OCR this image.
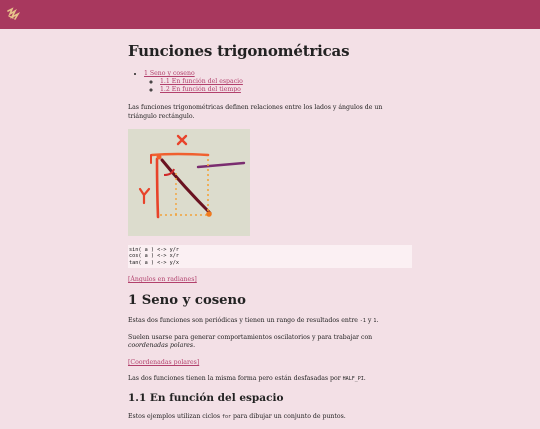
Funciones trigonométricas
• 1 Seno y coseno
◦ 1.1 En función del espacio
◦ 1.2 En función del tiempo

Las funciones trigonométricas definen relaciones entre los lados y ángulos de un triángulo rectángulo.

sin( a ) <-> y/r
cos( a ) <-> x/r
tan( a ) <-> y/x

[Ángulos en radianes]

1 Seno y coseno

Estas dos funciones son periódicas y tienen un rango de resultados entre -1 y 1.

Suelen usarse para generar comportamientos oscilatorios y para trabajar con coordenadas polares.

[Coordenadas polares]

Las dos funciones tienen la misma forma pero están desfasadas por HALF_PI.

1.1 En función del espacio

Estos ejemplos utilizan ciclos for para dibujar un conjunto de puntos.
